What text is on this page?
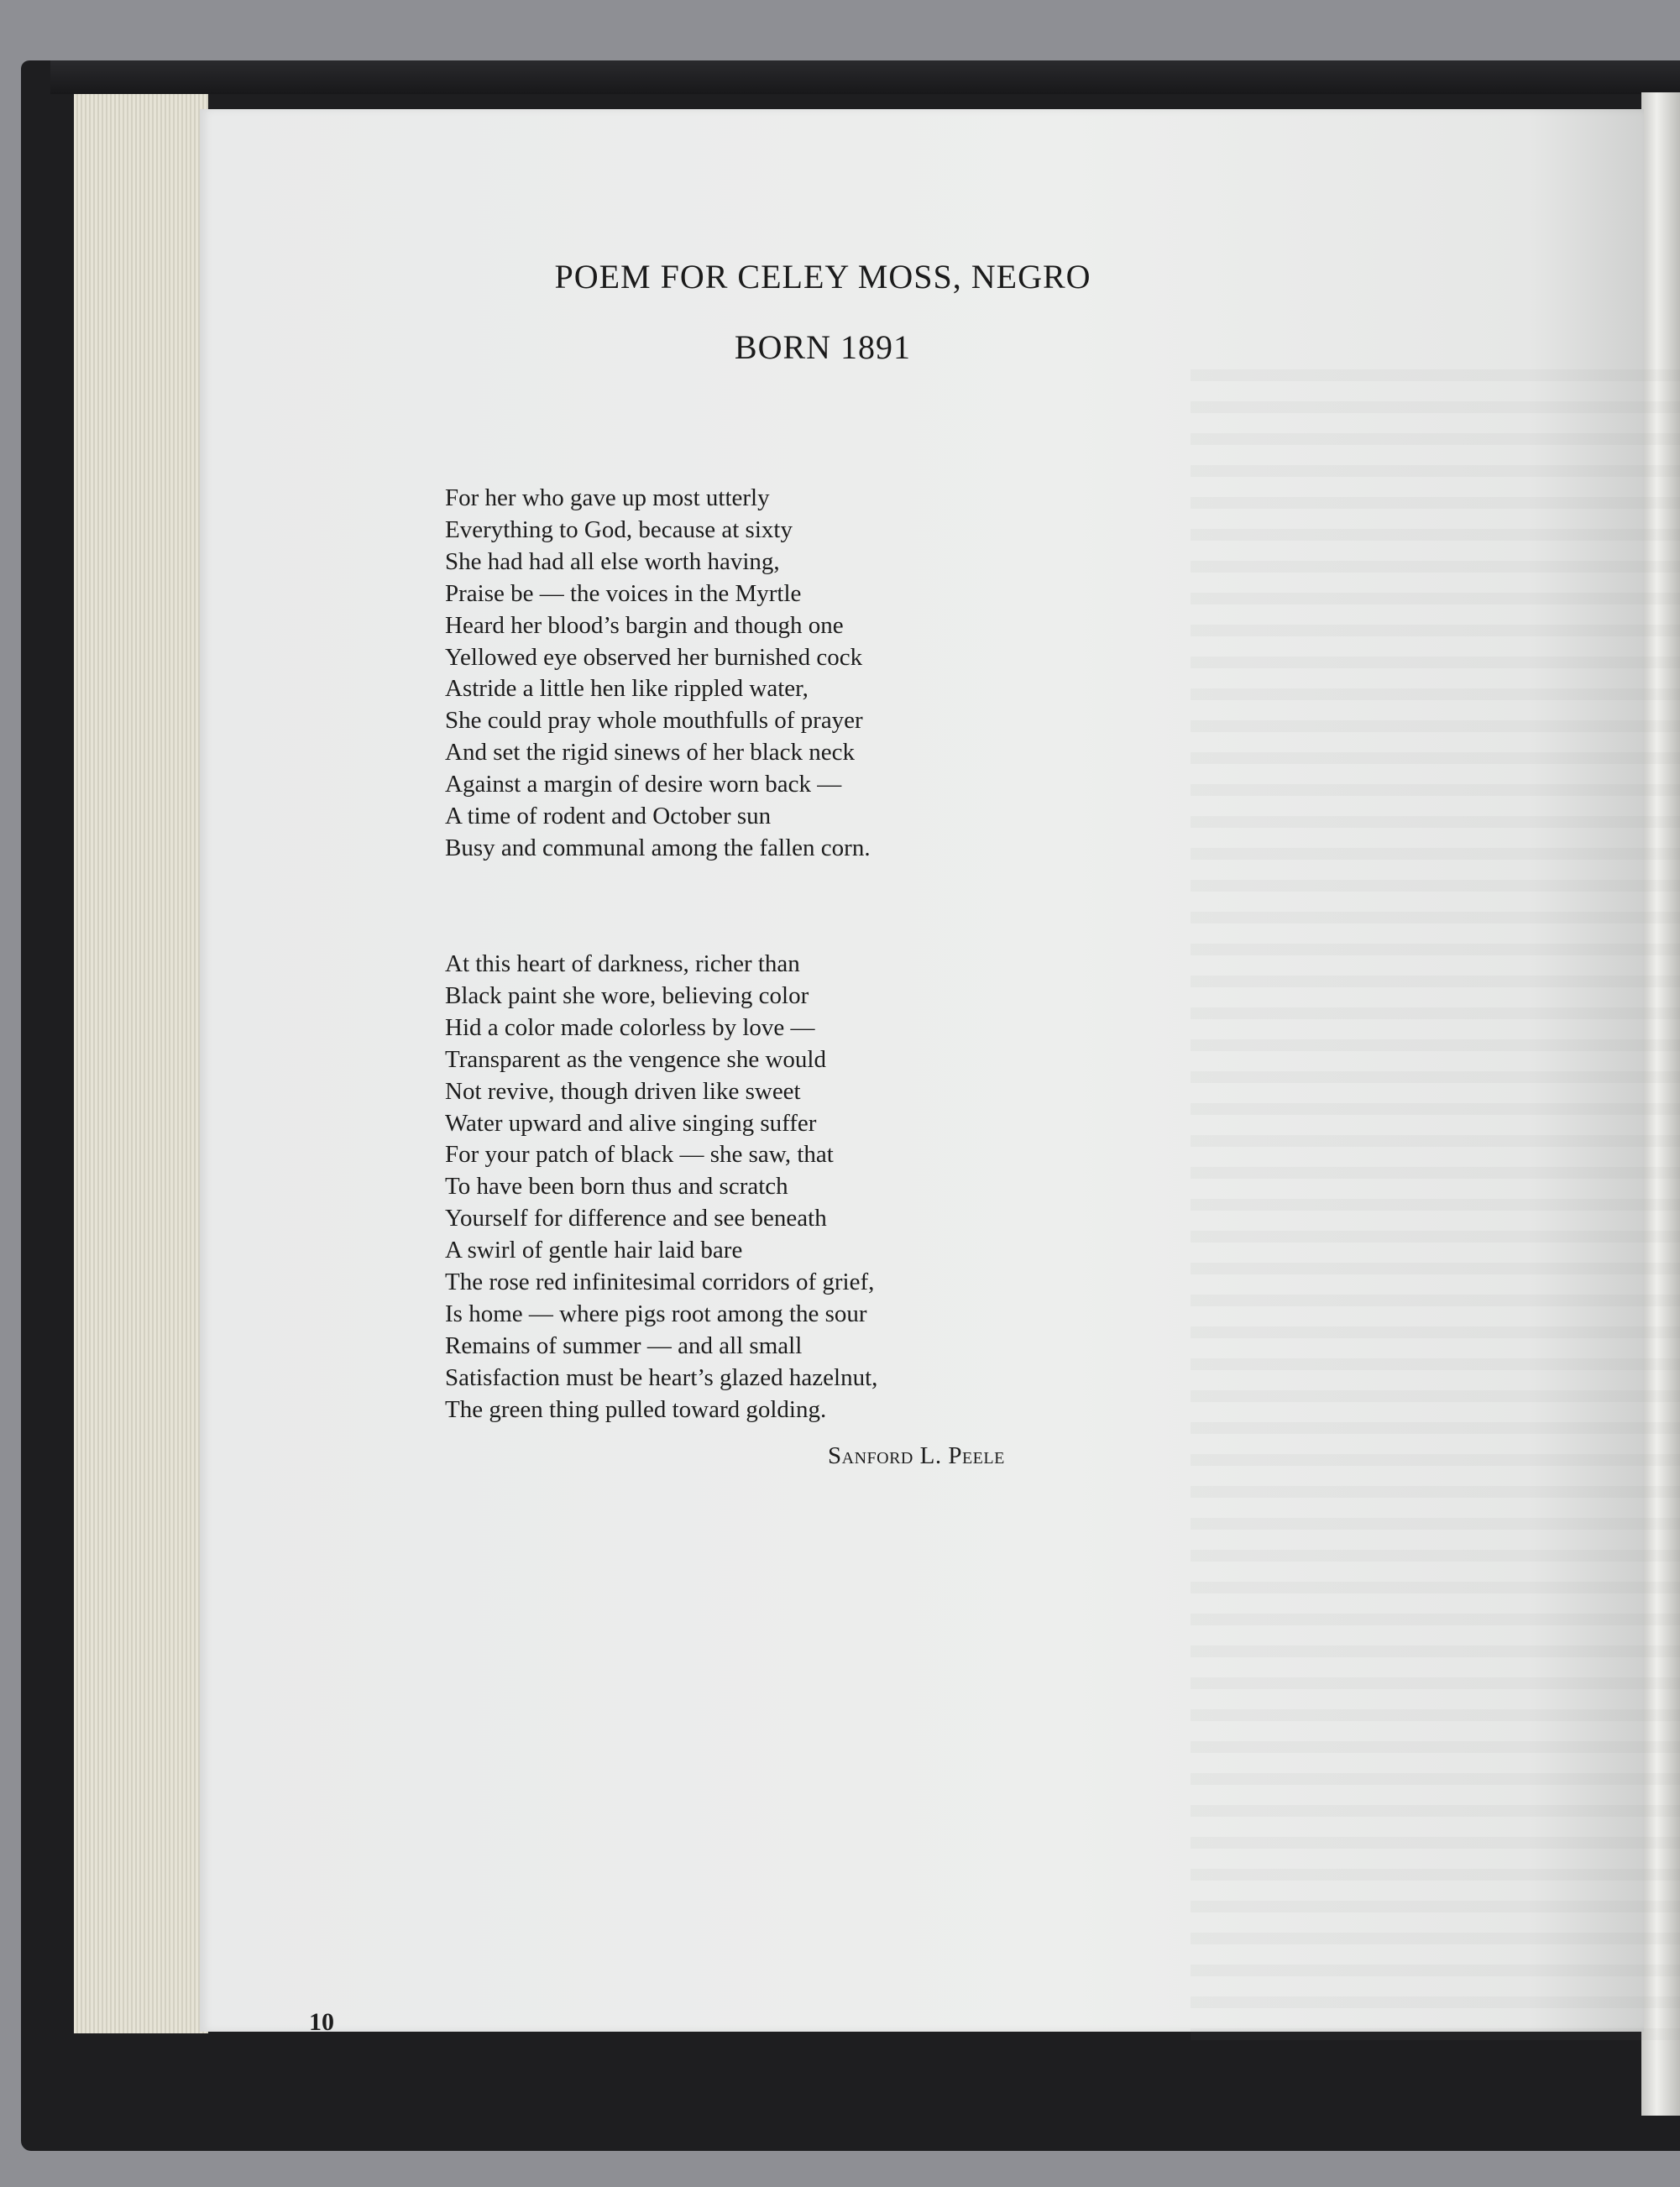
POEM FOR CELEY MOSS, NEGRO
BORN 1891
For her who gave up most utterly
Everything to God, because at sixty
She had had all else worth having,
Praise be — the voices in the Myrtle
Heard her blood’s bargin and though one
Yellowed eye observed her burnished cock
Astride a little hen like rippled water,
She could pray whole mouthfulls of prayer
And set the rigid sinews of her black neck
Against a margin of desire worn back —
A time of rodent and October sun
Busy and communal among the fallen corn.
At this heart of darkness, richer than
Black paint she wore, believing color
Hid a color made colorless by love —
Transparent as the vengence she would
Not revive, though driven like sweet
Water upward and alive singing suffer
For your patch of black — she saw, that
To have been born thus and scratch
Yourself for difference and see beneath
A swirl of gentle hair laid bare
The rose red infinitesimal corridors of grief,
Is home — where pigs root among the sour
Remains of summer — and all small
Satisfaction must be heart’s glazed hazelnut,
The green thing pulled toward golding.
Sanford L. Peele
10
